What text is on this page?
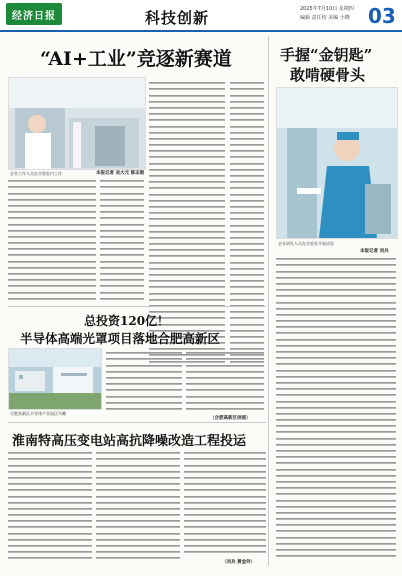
经济日报	科技创新	2025年7月10日 星期四
编辑 责任校 美编 小晓 03
“AI+工业”竞逐新赛道
企业工作人员在实验室内工作	本报记者 吴大元 陈志刚
手握“金钥匙”
敢啃硬骨头
企业研发人员在实验室开展试验
本报记者 刘兵
总投资120亿！
半导体高端光罩项目落地合肥高新区
合肥高新区半导体产业园区鸟瞰
（合肥高新区供图）
淮南特高压变电站高抗降噪改造工程投运
（刘兵 黄金玲）
